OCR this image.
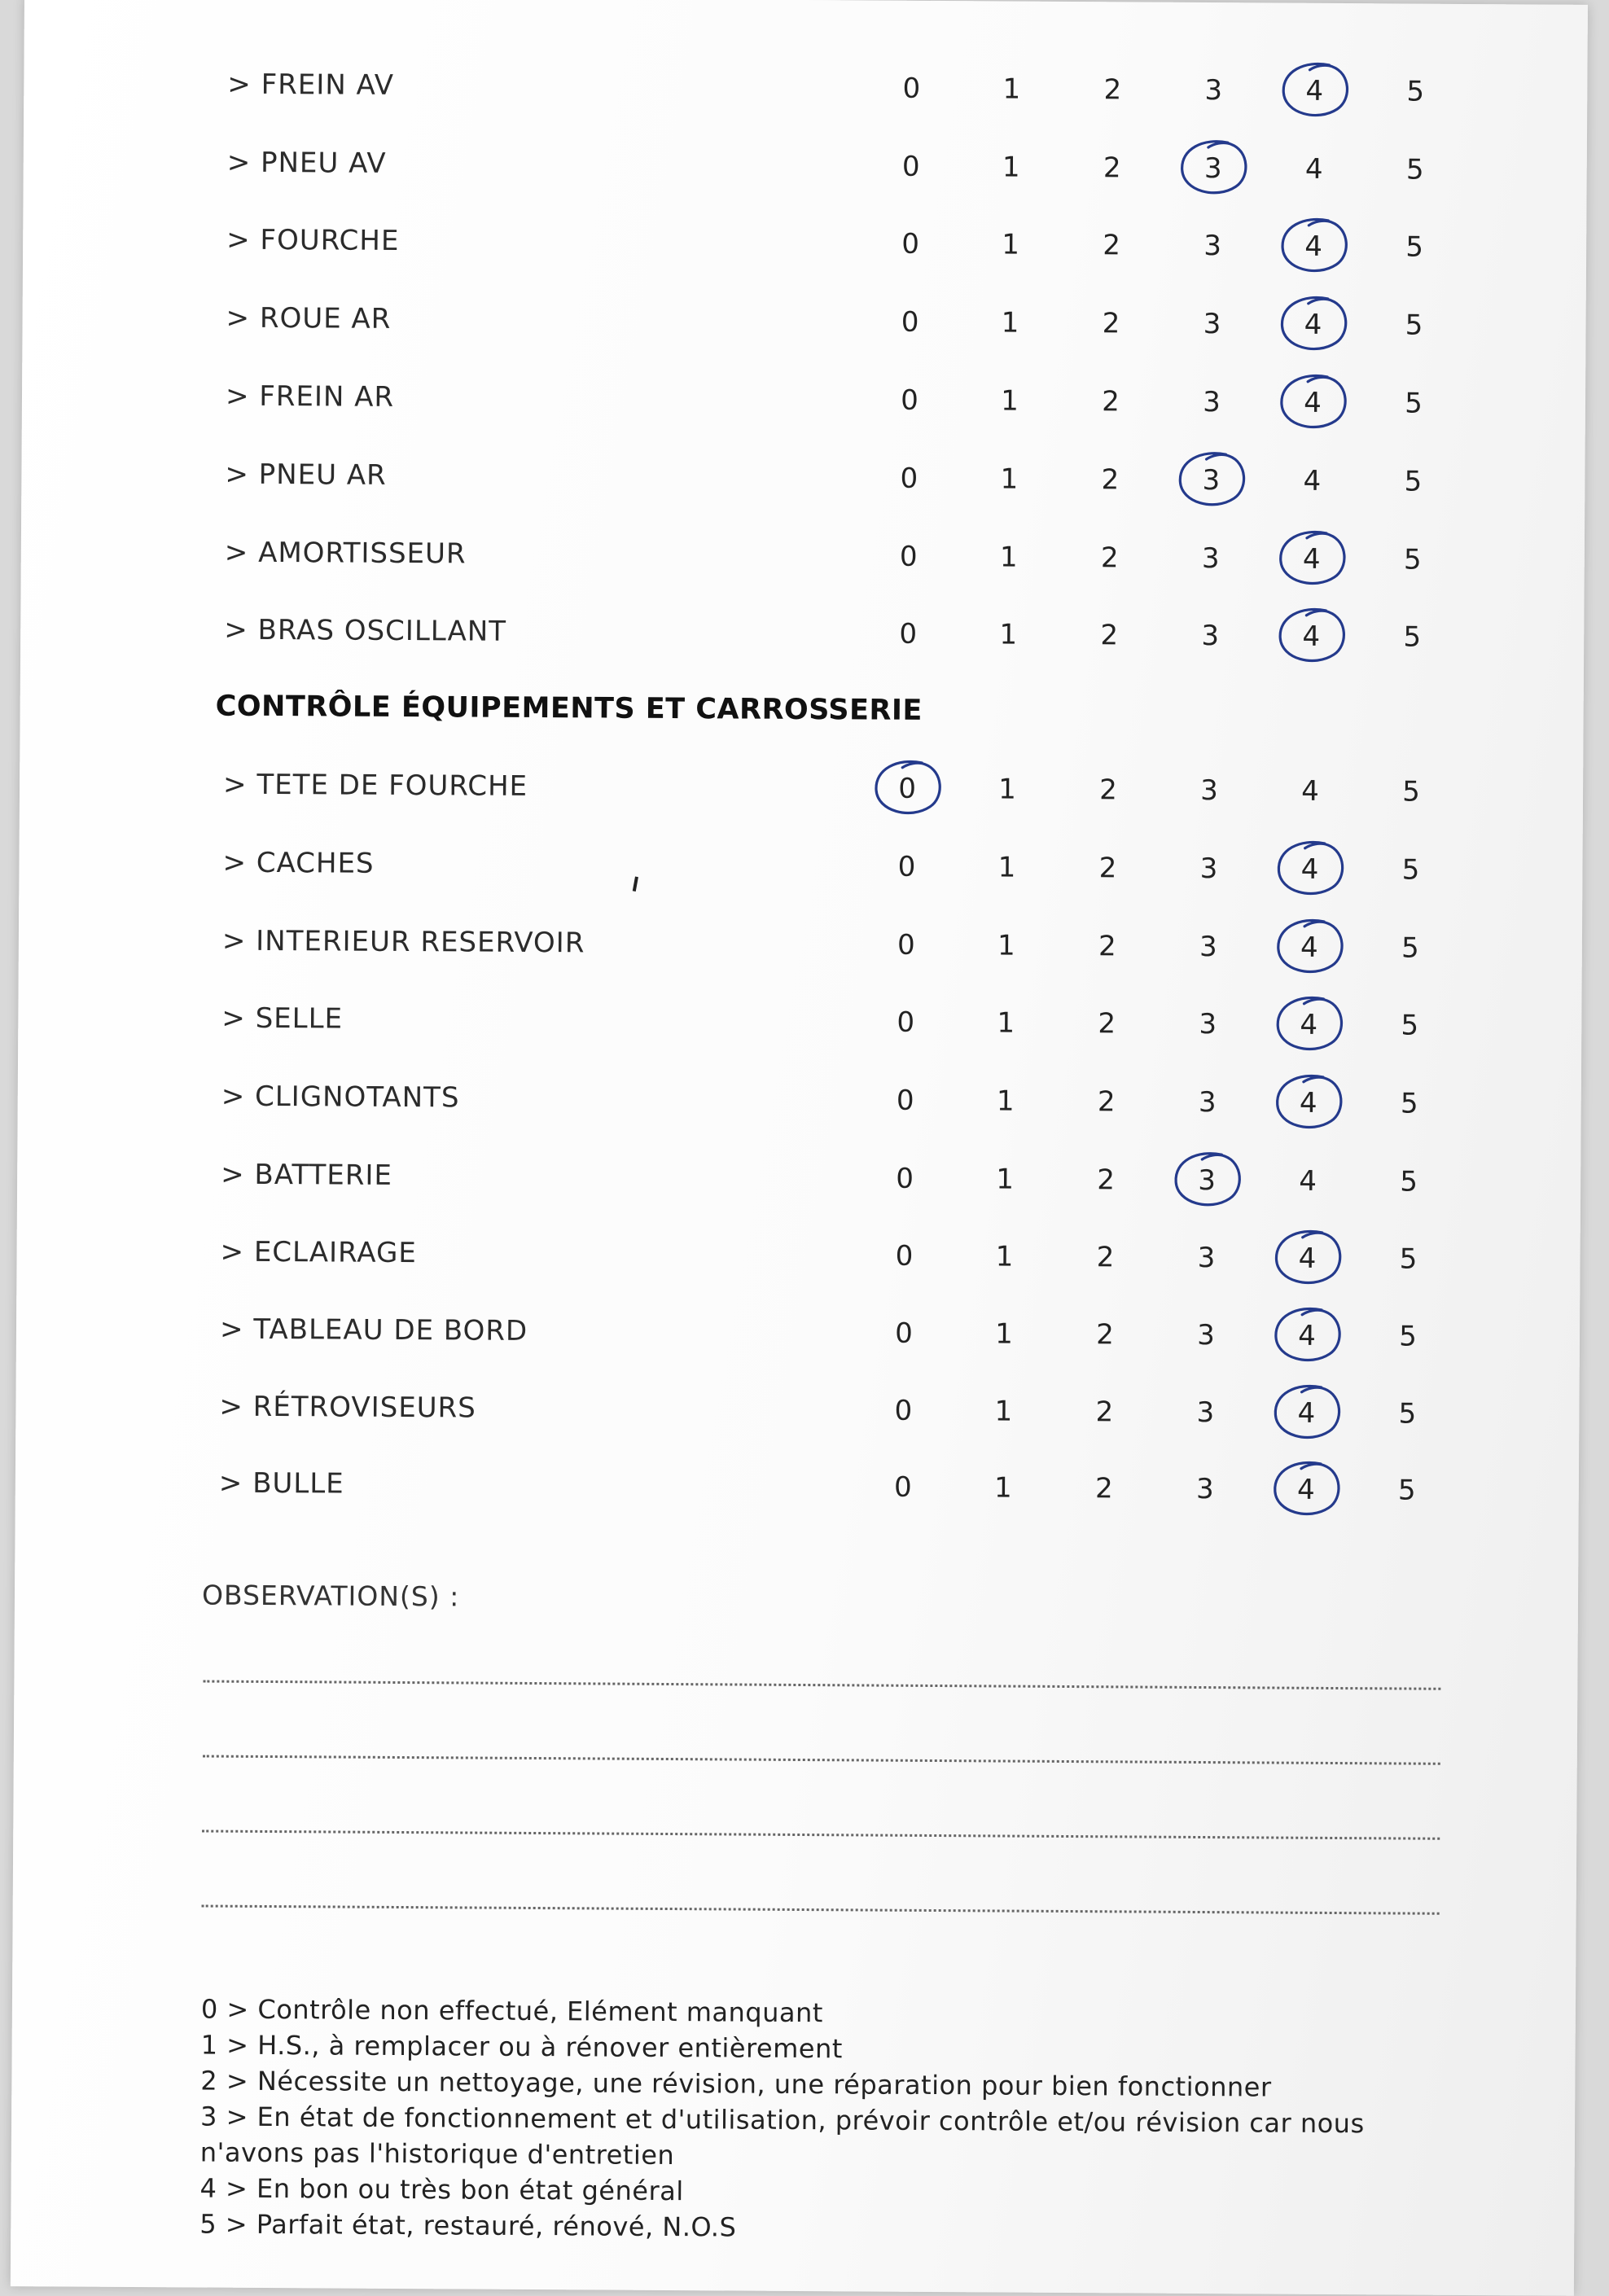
CONTRÔLE ÉQUIPEMENTS ET CARROSSERIE
> FREIN AV	0	1	2	3	4	5
> PNEU AV	0	1	2	3	4	5
> FOURCHE	0	1	2	3	4	5
> ROUE AR	0	1	2	3	4	5
> FREIN AR	0	1	2	3	4	5
> PNEU AR	0	1	2	3	4	5
> AMORTISSEUR	0	1	2	3	4	5
> BRAS OSCILLANT	0	1	2	3	4	5
> TETE DE FOURCHE	0	1	2	3	4	5
> CACHES	0	1	2	3	4	5
> INTERIEUR RESERVOIR	0	1	2	3	4	5
> SELLE	0	1	2	3	4	5
> CLIGNOTANTS	0	1	2	3	4	5
> BATTERIE	0	1	2	3	4	5
> ECLAIRAGE	0	1	2	3	4	5
> TABLEAU DE BORD	0	1	2	3	4	5
> RÉTROVISEURS	0	1	2	3	4	5
> BULLE	0	1	2	3	4	5
OBSERVATION(S) :
0 > Contrôle non effectué, Elément manquant
1 > H.S., à remplacer ou à rénover entièrement
2 > Nécessite un nettoyage, une révision, une réparation pour bien fonctionner
3 > En état de fonctionnement et d'utilisation, prévoir contrôle et/ou révision car nous
n'avons pas l'historique d'entretien
4 > En bon ou très bon état général
5 > Parfait état, restauré, rénové, N.O.S
